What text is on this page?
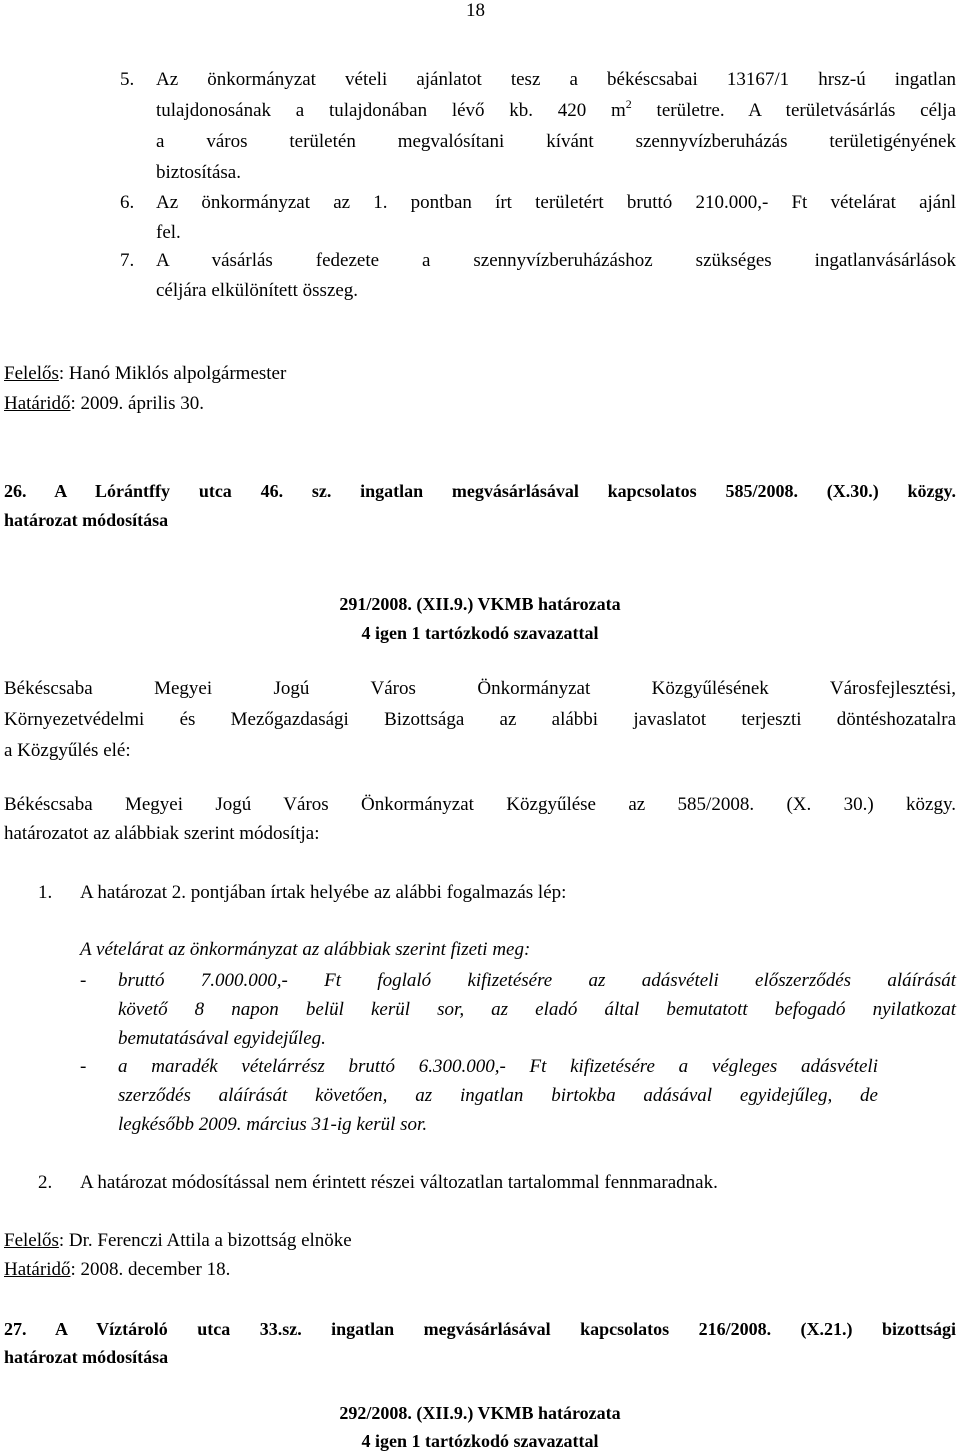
18
5. Az önkormányzat vételi ajánlatot tesz a békéscsabai 13167/1 hrsz-ú ingatlan
tulajdonosának a tulajdonában lévő kb. 420 $m^2$ területre. A területvásárlás célja
a város területén megvalósítani kívánt szennyvízberuházás területigényének
biztosítása.
6. Az önkormányzat az 1. pontban írt területért bruttó 210.000,- Ft vételárat ajánl
fel.
7. A vásárlás fedezete a szennyvízberuházáshoz szükséges ingatlanvásárlások
céljára elkülönített összeg.
Felelős: Hanó Miklós alpolgármester
Határidő: 2009. április 30.
26. A Lórántffy utca 46. sz. ingatlan megvásárlásával kapcsolatos 585/2008. (X.30.) közgy.
határozat módosítása
291/2008. (XII.9.) VKMB határozata
4 igen 1 tartózkodó szavazattal
Békéscsaba Megyei Jogú Város Önkormányzat Közgyűlésének Városfejlesztési,
Környezetvédelmi és Mezőgazdasági Bizottsága az alábbi javaslatot terjeszti döntéshozatalra
a Közgyűlés elé:
Békéscsaba Megyei Jogú Város Önkormányzat Közgyűlése az 585/2008. (X. 30.) közgy.
határozatot az alábbiak szerint módosítja:
1. A határozat 2. pontjában írtak helyébe az alábbi fogalmazás lép:
A vételárat az önkormányzat az alábbiak szerint fizeti meg:
- bruttó 7.000.000,- Ft foglaló kifizetésére az adásvételi előszerződés aláírását
követő 8 napon belül kerül sor, az eladó által bemutatott befogadó nyilatkozat
bemutatásával egyidejűleg.
- a maradék vételárrész bruttó 6.300.000,- Ft kifizetésére a végleges adásvételi
szerződés aláírását követően, az ingatlan birtokba adásával egyidejűleg, de
legkésőbb 2009. március 31-ig kerül sor.
2. A határozat módosítással nem érintett részei változatlan tartalommal fennmaradnak.
Felelős: Dr. Ferenczi Attila a bizottság elnöke
Határidő: 2008. december 18.
27. A Víztároló utca 33.sz. ingatlan megvásárlásával kapcsolatos 216/2008. (X.21.) bizottsági
határozat módosítása
292/2008. (XII.9.) VKMB határozata
4 igen 1 tartózkodó szavazattal
